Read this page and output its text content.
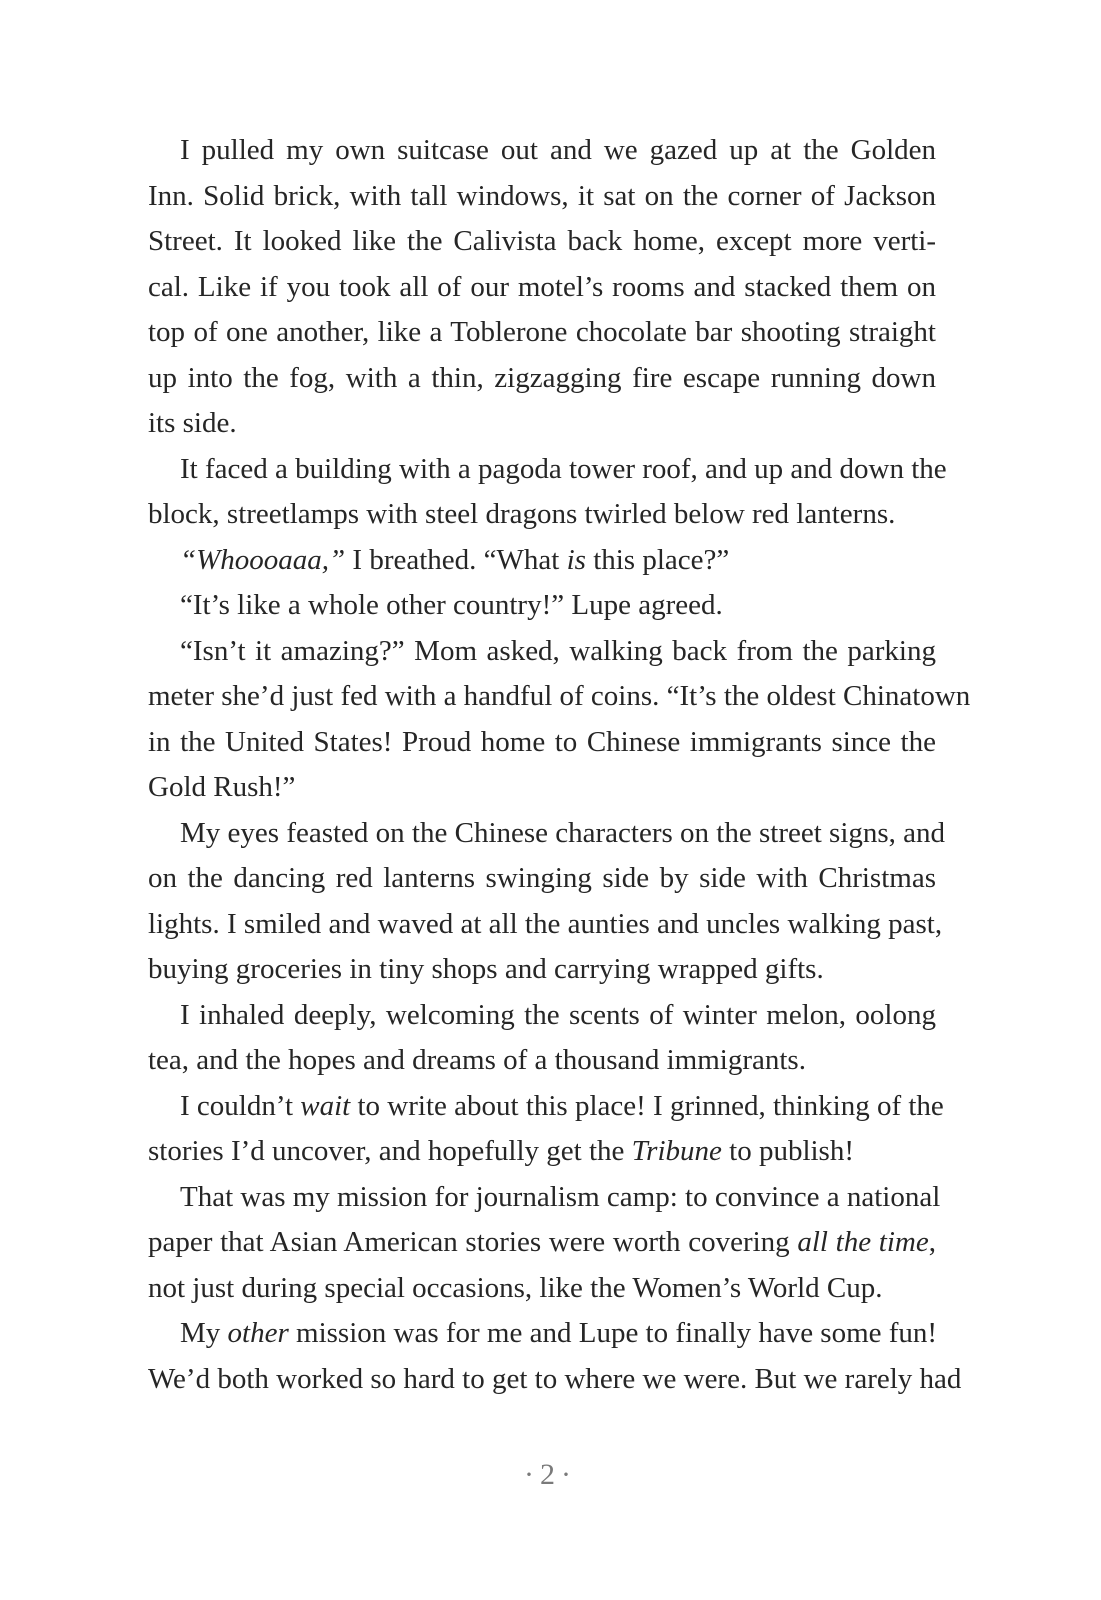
I pulled my own suitcase out and we gazed up at the Golden
Inn. Solid brick, with tall windows, it sat on the corner of Jackson
Street. It looked like the Calivista back home, except more verti-
cal. Like if you took all of our motel’s rooms and stacked them on
top of one another, like a Toblerone chocolate bar shooting straight
up into the fog, with a thin, zigzagging fire escape running down
its side.
It faced a building with a pagoda tower roof, and up and down the
block, streetlamps with steel dragons twirled below red lanterns.
“Whoooaaa,” I breathed. “What is this place?”
“It’s like a whole other country!” Lupe agreed.
“Isn’t it amazing?” Mom asked, walking back from the parking
meter she’d just fed with a handful of coins. “It’s the oldest Chinatown
in the United States! Proud home to Chinese immigrants since the
Gold Rush!”
My eyes feasted on the Chinese characters on the street signs, and
on the dancing red lanterns swinging side by side with Christmas
lights. I smiled and waved at all the aunties and uncles walking past,
buying groceries in tiny shops and carrying wrapped gifts.
I inhaled deeply, welcoming the scents of winter melon, oolong
tea, and the hopes and dreams of a thousand immigrants.
I couldn’t wait to write about this place! I grinned, thinking of the
stories I’d uncover, and hopefully get the Tribune to publish!
That was my mission for journalism camp: to convince a national
paper that Asian American stories were worth covering all the time,
not just during special occasions, like the Women’s World Cup.
My other mission was for me and Lupe to finally have some fun!
We’d both worked so hard to get to where we were. But we rarely had
·2·
